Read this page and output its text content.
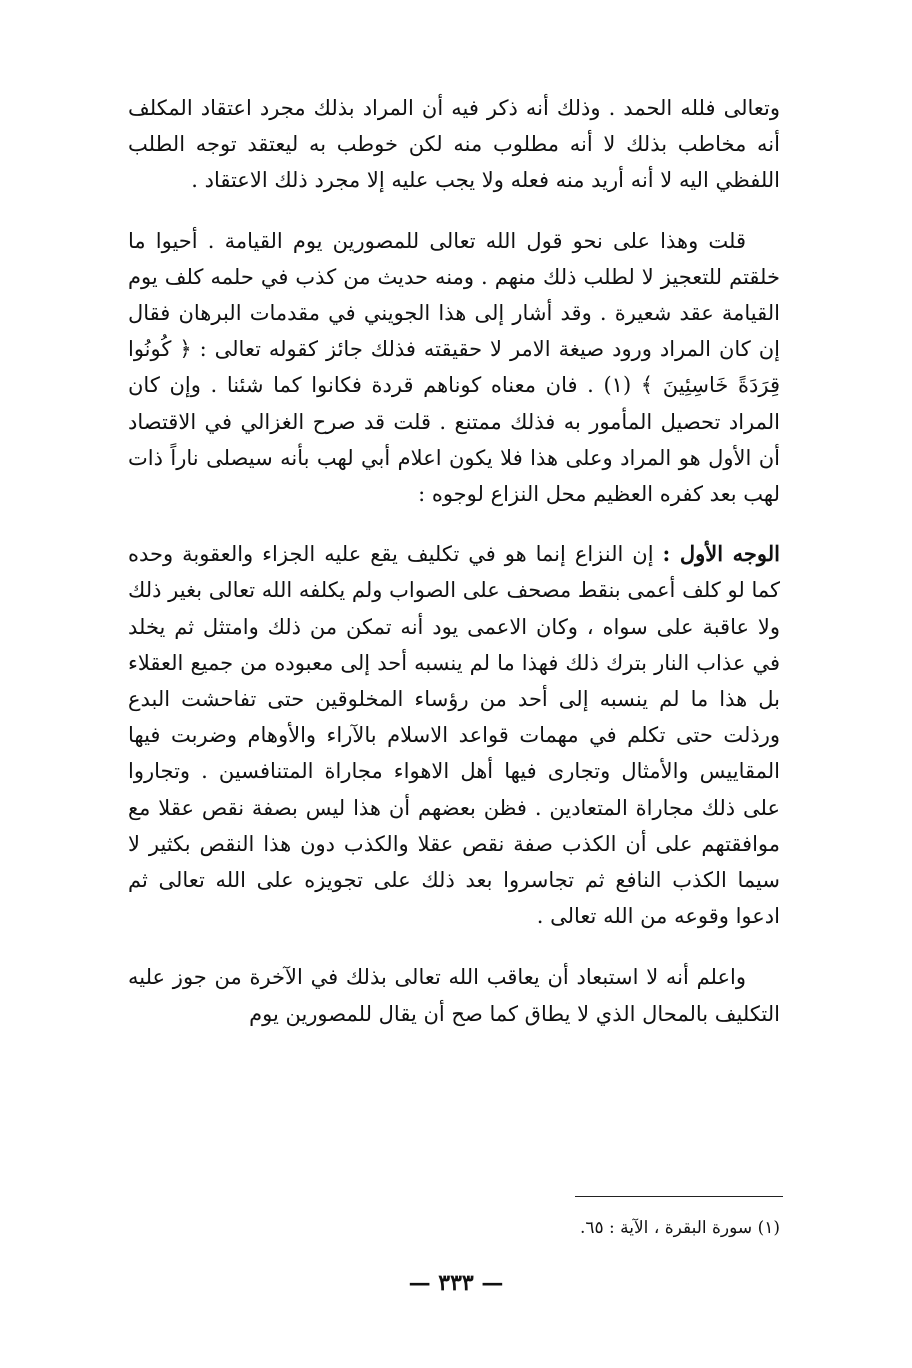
وتعالى فلله الحمد . وذلك أنه ذكر فيه أن المراد بذلك مجرد اعتقاد المكلف أنه مخاطب بذلك لا أنه مطلوب منه لكن خوطب به ليعتقد توجه الطلب اللفظي اليه لا أنه أريد منه فعله ولا يجب عليه إلا مجرد ذلك الاعتقاد .

قلت وهذا على نحو قول الله تعالى للمصورين يوم القيامة . أحيوا ما خلقتم للتعجيز لا لطلب ذلك منهم . ومنه حديث من كذب في حلمه كلف يوم القيامة عقد شعيرة . وقد أشار إلى هذا الجويني في مقدمات البرهان فقال إن كان المراد ورود صيغة الامر لا حقيقته فذلك جائز كقوله تعالى : ﴿ كُونُوا قِرَدَةً خَاسِئِينَ ﴾ (١) . فان معناه كوناهم قردة فكانوا كما شئنا . وإن كان المراد تحصيل المأمور به فذلك ممتنع . قلت قد صرح الغزالي في الاقتصاد أن الأول هو المراد وعلى هذا فلا يكون اعلام أبي لهب بأنه سيصلى ناراً ذات لهب بعد كفره العظيم محل النزاع لوجوه :

الوجه الأول : إن النزاع إنما هو في تكليف يقع عليه الجزاء والعقوبة وحده كما لو كلف أعمى بنقط مصحف على الصواب ولم يكلفه الله تعالى بغير ذلك ولا عاقبة على سواه ، وكان الاعمى يود أنه تمكن من ذلك وامتثل ثم يخلد في عذاب النار بترك ذلك فهذا ما لم ينسبه أحد إلى معبوده من جميع العقلاء بل هذا ما لم ينسبه إلى أحد من رؤساء المخلوقين حتى تفاحشت البدع ورذلت حتى تكلم في مهمات قواعد الاسلام بالآراء والأوهام وضربت فيها المقاييس والأمثال وتجارى فيها أهل الاهواء مجاراة المتنافسين . وتجاروا على ذلك مجاراة المتعادين . فظن بعضهم أن هذا ليس بصفة نقص عقلا مع موافقتهم على أن الكذب صفة نقص عقلا والكذب دون هذا النقص بكثير لا سيما الكذب النافع ثم تجاسروا بعد ذلك على تجويزه على الله تعالى ثم ادعوا وقوعه من الله تعالى .

واعلم أنه لا استبعاد أن يعاقب الله تعالى بذلك في الآخرة من جوز عليه التكليف بالمحال الذي لا يطاق كما صح أن يقال للمصورين يوم

(١) سورة البقرة ، الآية : ٦٥.

— ٣٣٣ —
